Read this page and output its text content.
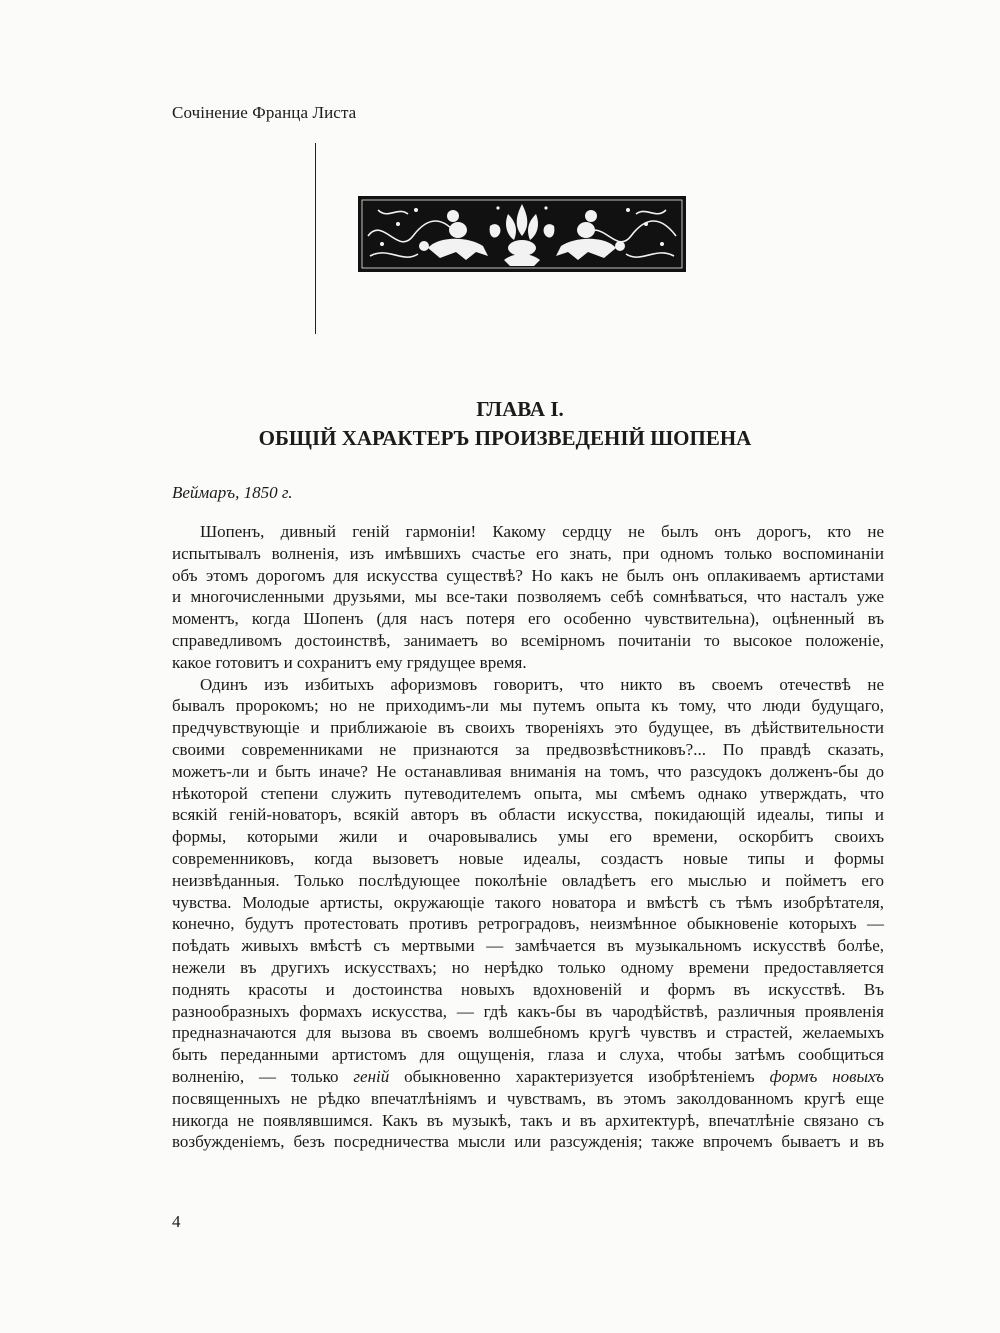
Сочінение Франца Листа
ГЛАВА I.
ОБЩІЙ ХАРАКТЕРЪ ПРОИЗВЕДЕНІЙ ШОПЕНА
Веймаръ, 1850 г.
Шопенъ, дивный геній гармоніи! Какому сердцу не былъ онъ дорогъ, кто не
испытывалъ волненія, изъ имѣвшихъ счастье его знать, при одномъ только воспоминаніи
объ этомъ дорогомъ для искусства существѣ? Но какъ не былъ онъ оплакиваемъ артистами
и многочисленными друзьями, мы все-таки позволяемъ себѣ сомнѣваться, что насталъ уже
моментъ, когда Шопенъ (для насъ потеря его особенно чувствительна), оцѣненный въ
справедливомъ достоинствѣ, занимаетъ во всемірномъ почитаніи то высокое положеніе,
какое готовитъ и сохранитъ ему грядущее время.
Одинъ изъ избитыхъ афоризмовъ говоритъ, что никто въ своемъ отечествѣ не
бывалъ пророкомъ; но не приходимъ-ли мы путемъ опыта къ тому, что люди будущаго,
предчувствующіе и приближаюіе въ своихъ твореніяхъ это будущее, въ дѣйствительности
своими современниками не признаются за предвозвѣстниковъ?... По правдѣ сказать,
можетъ-ли и быть иначе? Не останавливая вниманія на томъ, что разсудокъ долженъ-бы до
нѣкоторой степени служить путеводителемъ опыта, мы смѣемъ однако утверждать, что
всякій геній-новаторъ, всякій авторъ въ области искусства, покидающій идеалы, типы и
формы, которыми жили и очаровывались умы его времени, оскорбитъ своихъ
современниковъ, когда вызоветъ новые идеалы, создастъ новые типы и формы
неизвѣданныя. Только послѣдующее поколѣніе овладѣетъ его мыслью и пойметъ его
чувства. Молодые артисты, окружающіе такого новатора и вмѣстѣ съ тѣмъ изобрѣтателя,
конечно, будутъ протестовать противъ ретроградовъ, неизмѣнное обыкновеніе которыхъ —
поѣдать живыхъ вмѣстѣ съ мертвыми — замѣчается въ музыкальномъ искусствѣ болѣе,
нежели въ другихъ искусствахъ; но нерѣдко только одному времени предоставляется
поднять красоты и достоинства новыхъ вдохновеній и формъ въ искусствѣ. Въ
разнообразныхъ формахъ искусства, — гдѣ какъ-бы въ чародѣйствѣ, различныя проявленія
предназначаются для вызова въ своемъ волшебномъ кругѣ чувствъ и страстей, желаемыхъ
быть переданными артистомъ для ощущенія, глаза и слуха, чтобы затѣмъ сообщиться
волненію, — только геній обыкновенно характеризуется изобрѣтеніемъ формъ новыхъ
посвященныхъ не рѣдко впечатлѣніямъ и чувствамъ, въ этомъ заколдованномъ кругѣ еще
никогда не появлявшимся. Какъ въ музыкѣ, такъ и въ архитектурѣ, впечатлѣніе связано съ
возбужденіемъ, безъ посредничества мысли или разсужденія; также впрочемъ бываетъ и въ
4
